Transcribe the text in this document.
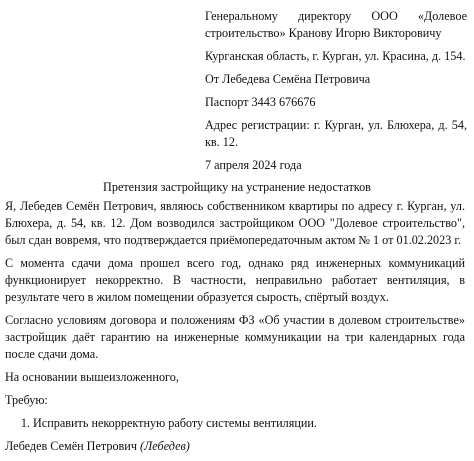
Генеральному директору ООО «Долевое строительство» Кранову Игорю Викторовичу

Курганская область, г. Курган, ул. Красина, д. 154.

От Лебедева Семёна Петровича

Паспорт 3443 676676

Адрес регистрации: г. Курган, ул. Блюхера, д. 54, кв. 12.

7 апреля 2024 года

Претензия застройщику на устранение недостатков

Я, Лебедев Семён Петрович, являюсь собственником квартиры по адресу г. Курган, ул. Блюхера, д. 54, кв. 12. Дом возводился застройщиком ООО "Долевое строительство", был сдан вовремя, что подтверждается приёмопередаточным актом № 1 от 01.02.2023 г.

С момента сдачи дома прошел всего год, однако ряд инженерных коммуникаций функционирует некорректно. В частности, неправильно работает вентиляция, в результате чего в жилом помещении образуется сырость, спёртый воздух.

Согласно условиям договора и положениям ФЗ «Об участии в долевом строительстве» застройщик даёт гарантию на инженерные коммуникации на три календарных года после сдачи дома.

На основании вышеизложенного,

Требую:

1. Исправить некорректную работу системы вентиляции.

Лебедев Семён Петрович (Лебедев)
